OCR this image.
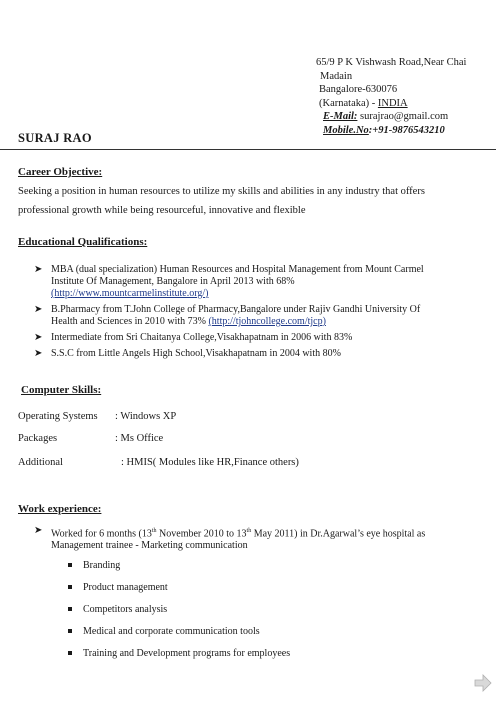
65/9 P K Vishwash Road,Near Chai
Madain
Bangalore-630076
(Karnataka) - INDIA
E-Mail: surajrao@gmail.com
Mobile.No:+91-9876543210
SURAJ RAO
Career Objective:
Seeking a position in human resources to utilize my skills and abilities in any industry that offers
professional growth while being resourceful, innovative and flexible
Educational Qualifications:
➤ MBA (dual specialization) Human Resources and Hospital Management from Mount Carmel
Institute Of Management, Bangalore in April 2013 with 68%
(http://www.mountcarmelinstitute.org/)
➤ B.Pharmacy from T.John College of Pharmacy,Bangalore under Rajiv Gandhi University Of
Health and Sciences in 2010 with 73% (http://tjohncollege.com/tjcp)
➤ Intermediate from Sri Chaitanya College,Visakhapatnam in 2006 with 83%
➤ S.S.C from Little Angels High School,Visakhapatnam in 2004 with 80%
Computer Skills:
Operating Systems : Windows XP
Packages	: Ms Office
Additional	: HMIS( Modules like HR,Finance others)
Work experience:
➤ Worked for 6 months (13th November 2010 to 13th May 2011) in Dr.Agarwal’s eye hospital as
Management trainee - Marketing communication
Branding
Product management
Competitors analysis
Medical and corporate communication tools
Training and Development programs for employees
